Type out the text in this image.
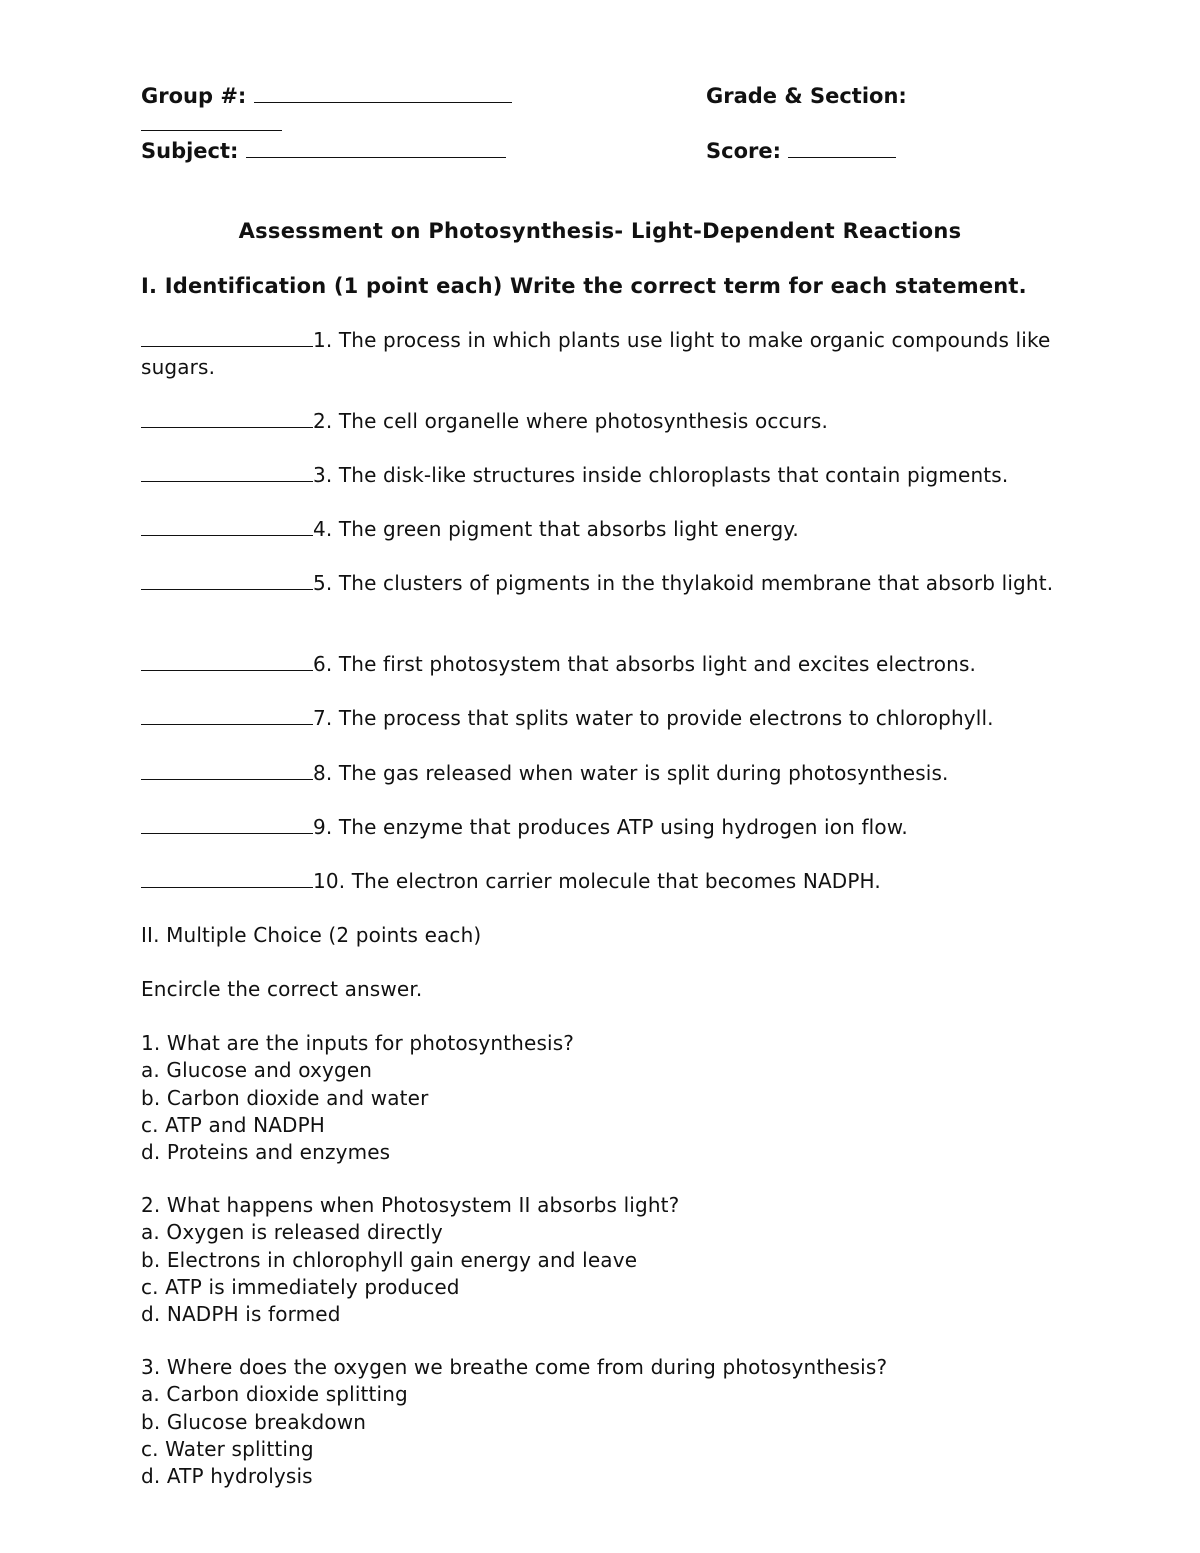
Group #:	Grade & Section:
Subject:	Score:
Assessment on Photosynthesis- Light-Dependent Reactions
I. Identification (1 point each) Write the correct term for each statement.
1. The process in which plants use light to make organic compounds like sugars.
2. The cell organelle where photosynthesis occurs.
3. The disk-like structures inside chloroplasts that contain pigments.
4. The green pigment that absorbs light energy.
5. The clusters of pigments in the thylakoid membrane that absorb light.
6. The first photosystem that absorbs light and excites electrons.
7. The process that splits water to provide electrons to chlorophyll.
8. The gas released when water is split during photosynthesis.
9. The enzyme that produces ATP using hydrogen ion flow.
10. The electron carrier molecule that becomes NADPH.
II. Multiple Choice (2 points each)
Encircle the correct answer.
1. What are the inputs for photosynthesis?
a. Glucose and oxygen
b. Carbon dioxide and water
c. ATP and NADPH
d. Proteins and enzymes
2. What happens when Photosystem II absorbs light?
a. Oxygen is released directly
b. Electrons in chlorophyll gain energy and leave
c. ATP is immediately produced
d. NADPH is formed
3. Where does the oxygen we breathe come from during photosynthesis?
a. Carbon dioxide splitting
b. Glucose breakdown
c. Water splitting
d. ATP hydrolysis
